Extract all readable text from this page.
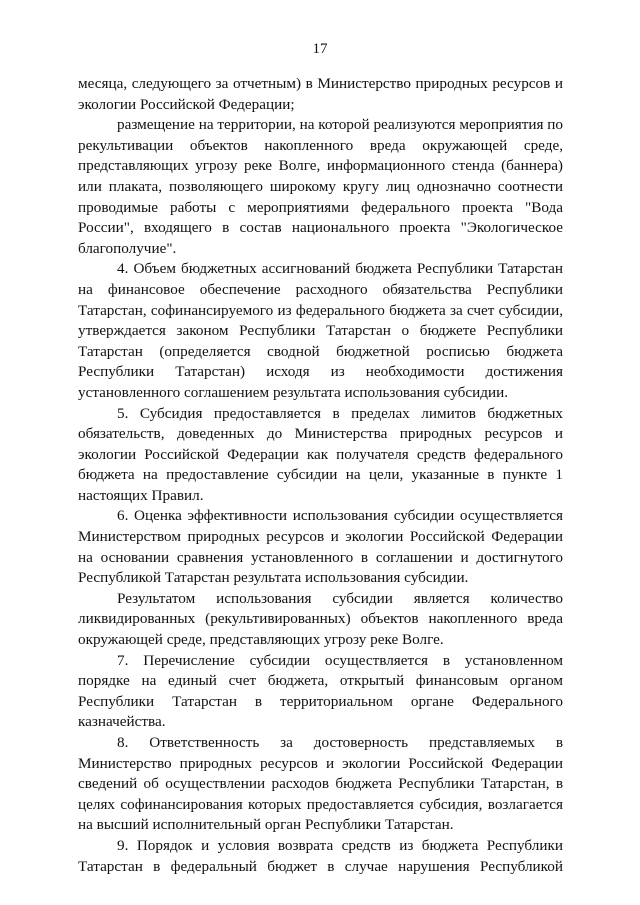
17

месяца, следующего за отчетным) в Министерство природных ресурсов и экологии Российской Федерации;

размещение на территории, на которой реализуются мероприятия по рекультивации объектов накопленного вреда окружающей среде, представляющих угрозу реке Волге, информационного стенда (баннера) или плаката, позволяющего широкому кругу лиц однозначно соотнести проводимые работы с мероприятиями федерального проекта "Вода России", входящего в состав национального проекта "Экологическое благополучие".

4. Объем бюджетных ассигнований бюджета Республики Татарстан на финансовое обеспечение расходного обязательства Республики Татарстан, софинансируемого из федерального бюджета за счет субсидии, утверждается законом Республики Татарстан о бюджете Республики Татарстан (определяется сводной бюджетной росписью бюджета Республики Татарстан) исходя из необходимости достижения установленного соглашением результата использования субсидии.

5. Субсидия предоставляется в пределах лимитов бюджетных обязательств, доведенных до Министерства природных ресурсов и экологии Российской Федерации как получателя средств федерального бюджета на предоставление субсидии на цели, указанные в пункте 1 настоящих Правил.

6. Оценка эффективности использования субсидии осуществляется Министерством природных ресурсов и экологии Российской Федерации на основании сравнения установленного в соглашении и достигнутого Республикой Татарстан результата использования субсидии.

Результатом использования субсидии является количество ликвидированных (рекультивированных) объектов накопленного вреда окружающей среде, представляющих угрозу реке Волге.

7. Перечисление субсидии осуществляется в установленном порядке на единый счет бюджета, открытый финансовым органом Республики Татарстан в территориальном органе Федерального казначейства.

8. Ответственность за достоверность представляемых в Министерство природных ресурсов и экологии Российской Федерации сведений об осуществлении расходов бюджета Республики Татарстан, в целях софинансирования которых предоставляется субсидия, возлагается на высший исполнительный орган Республики Татарстан.

9. Порядок и условия возврата средств из бюджета Республики Татарстан в федеральный бюджет в случае нарушения Республикой
